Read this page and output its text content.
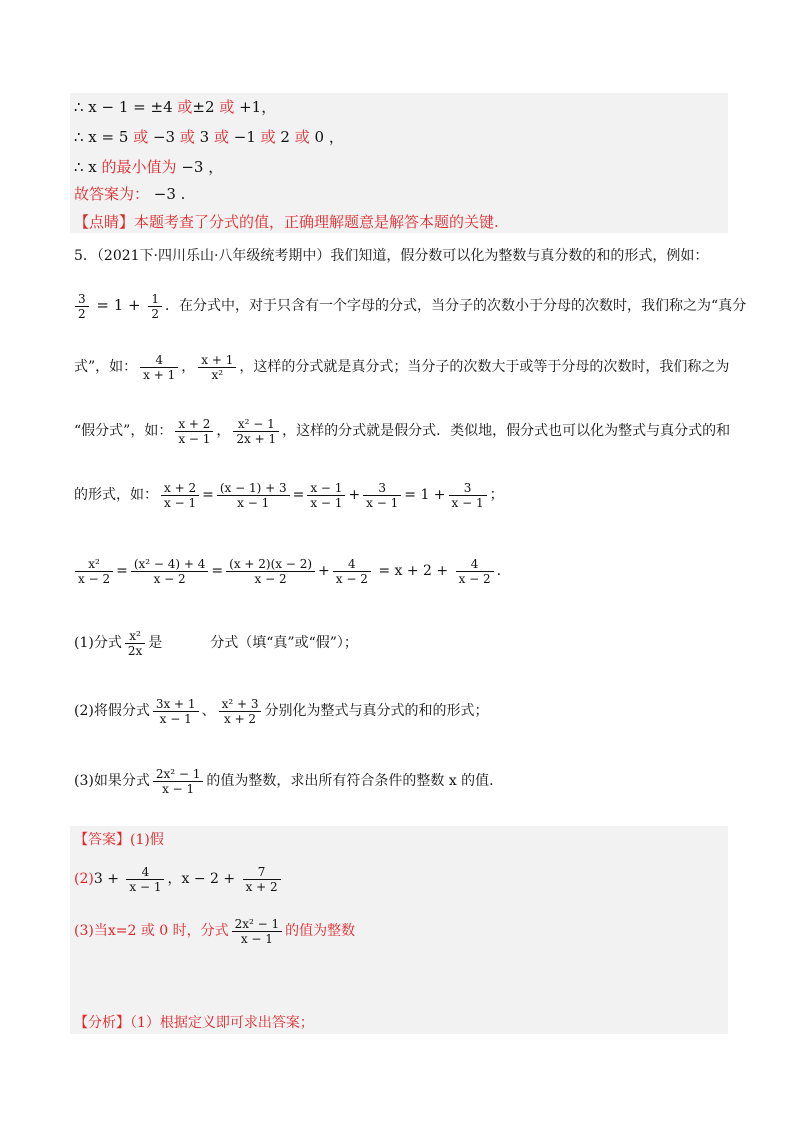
∴ x − 1 = ±4 或±2 或 +1，
∴ x = 5 或 −3 或 3 或 −1 或 2 或 0 ，
∴ x 的最小值为 −3 ，
故答案为： −3 .
【点睛】本题考查了分式的值，正确理解题意是解答本题的关键.
5．（2021下·四川乐山·八年级统考期中）我们知道，假分数可以化为整数与真分数的和的形式，例如：
$\frac{3}{2} = 1 + \frac{1}{2}$ ．在分式中，对于只含有一个字母的分式，当分子的次数小于分母的次数时，我们称之为“真分
式”，如： $\frac{4}{x + 1}$ ， $\frac{x + 1}{\text{x²}}$ ，这样的分式就是真分式；当分子的次数大于或等于分母的次数时，我们称之为
“假分式”，如： $\frac{x + 2}{x - 1}$ ， $\frac{\text{x² − 1}}{2x + 1}$ ，这样的分式就是假分式．类似地，假分式也可以化为整式与真分式的和
的形式，如： $\frac{x + 2}{x - 1} = \frac{(x - 1) + 3}{x - 1} = \frac{x - 1}{x - 1} + \frac{3}{x - 1} = 1 + \frac{3}{x - 1}$ ；
$\frac{\text{x²}}{x - 2} = \frac{\text{(x² − 4) + 4}}{x - 2} = \frac{(x + 2)(x - 2)}{x - 2} + \frac{4}{x - 2} = x + 2 + \frac{4}{x - 2}$ .
(1)分式 $\frac{\text{x²}}{2x}$ 是	分式（填“真”或“假”）；
(2)将假分式 $\frac{3x + 1}{x - 1}$ 、 $\frac{\text{x² + 3}}{x + 2}$ 分别化为整式与真分式的和的形式；
(3)如果分式 $\frac{\text{2x² − 1}}{x - 1}$ 的值为整数，求出所有符合条件的整数 x 的值.
【答案】(1)假
$(2)3 + \frac{4}{x - 1}$ ，$x - 2 + \frac{7}{x + 2}$
(3)当x=2 或 0 时，分式 $\frac{\text{2x² − 1}}{x - 1}$ 的值为整数
【分析】（1）根据定义即可求出答案；
